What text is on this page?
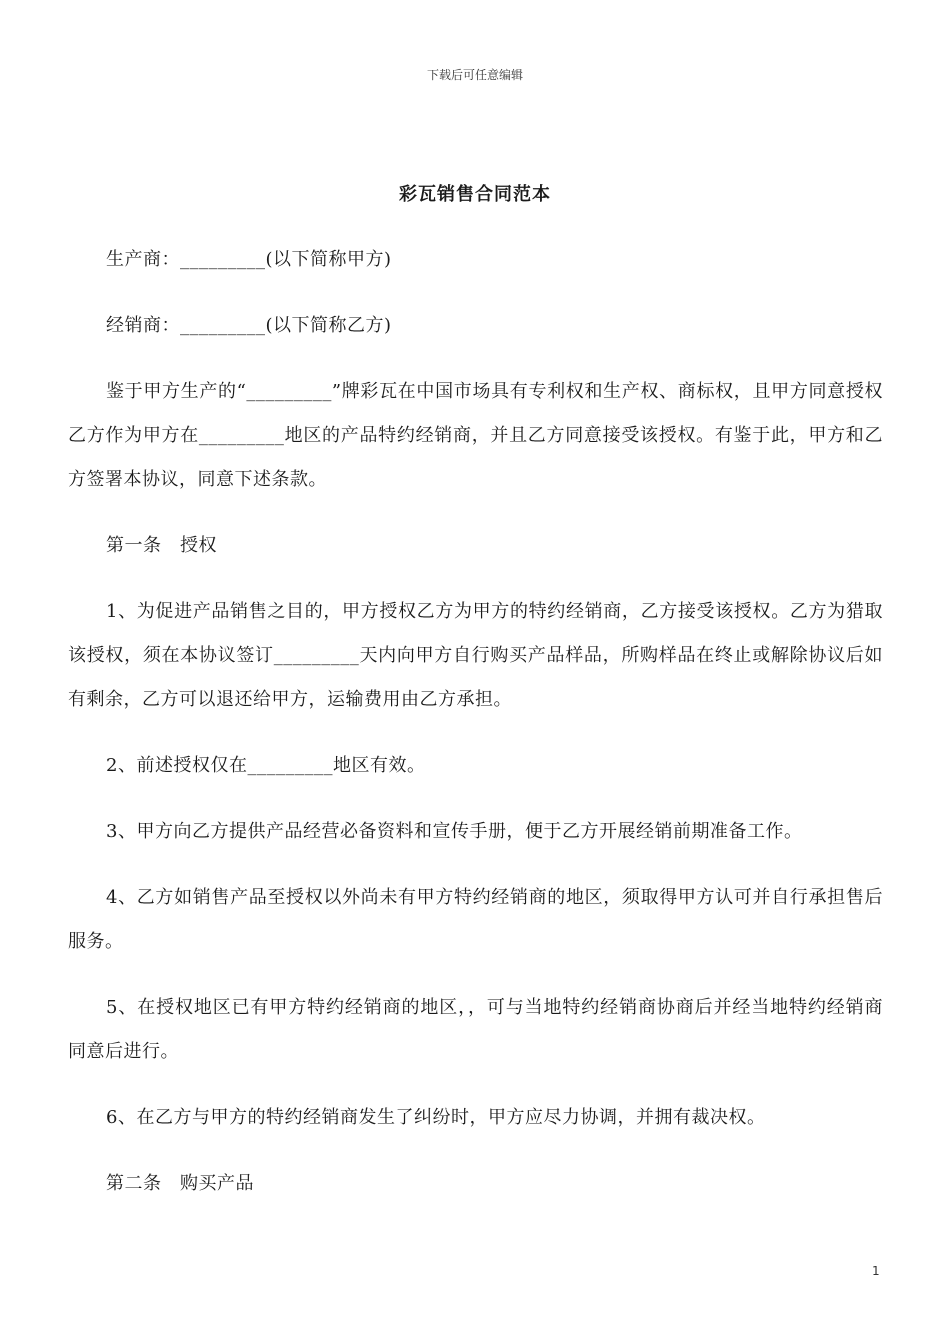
下载后可任意编辑
彩瓦销售合同范本

生产商：_________(以下简称甲方)

经销商：_________(以下简称乙方)

鉴于甲方生产的“_________”牌彩瓦在中国市场具有专利权和生产权、商标权，且甲方同意授权乙方作为甲方在_________地区的产品特约经销商，并且乙方同意接受该授权。有鉴于此，甲方和乙方签署本协议，同意下述条款。

第一条　授权

1、为促进产品销售之目的，甲方授权乙方为甲方的特约经销商，乙方接受该授权。乙方为猎取该授权，须在本协议签订_________天内向甲方自行购买产品样品，所购样品在终止或解除协议后如有剩余，乙方可以退还给甲方，运输费用由乙方承担。

2、前述授权仅在_________地区有效。

3、甲方向乙方提供产品经营必备资料和宣传手册，便于乙方开展经销前期准备工作。

4、乙方如销售产品至授权以外尚未有甲方特约经销商的地区，须取得甲方认可并自行承担售后服务。

5、在授权地区已有甲方特约经销商的地区，，可与当地特约经销商协商后并经当地特约经销商同意后进行。

6、在乙方与甲方的特约经销商发生了纠纷时，甲方应尽力协调，并拥有裁决权。

第二条　购买产品

1
